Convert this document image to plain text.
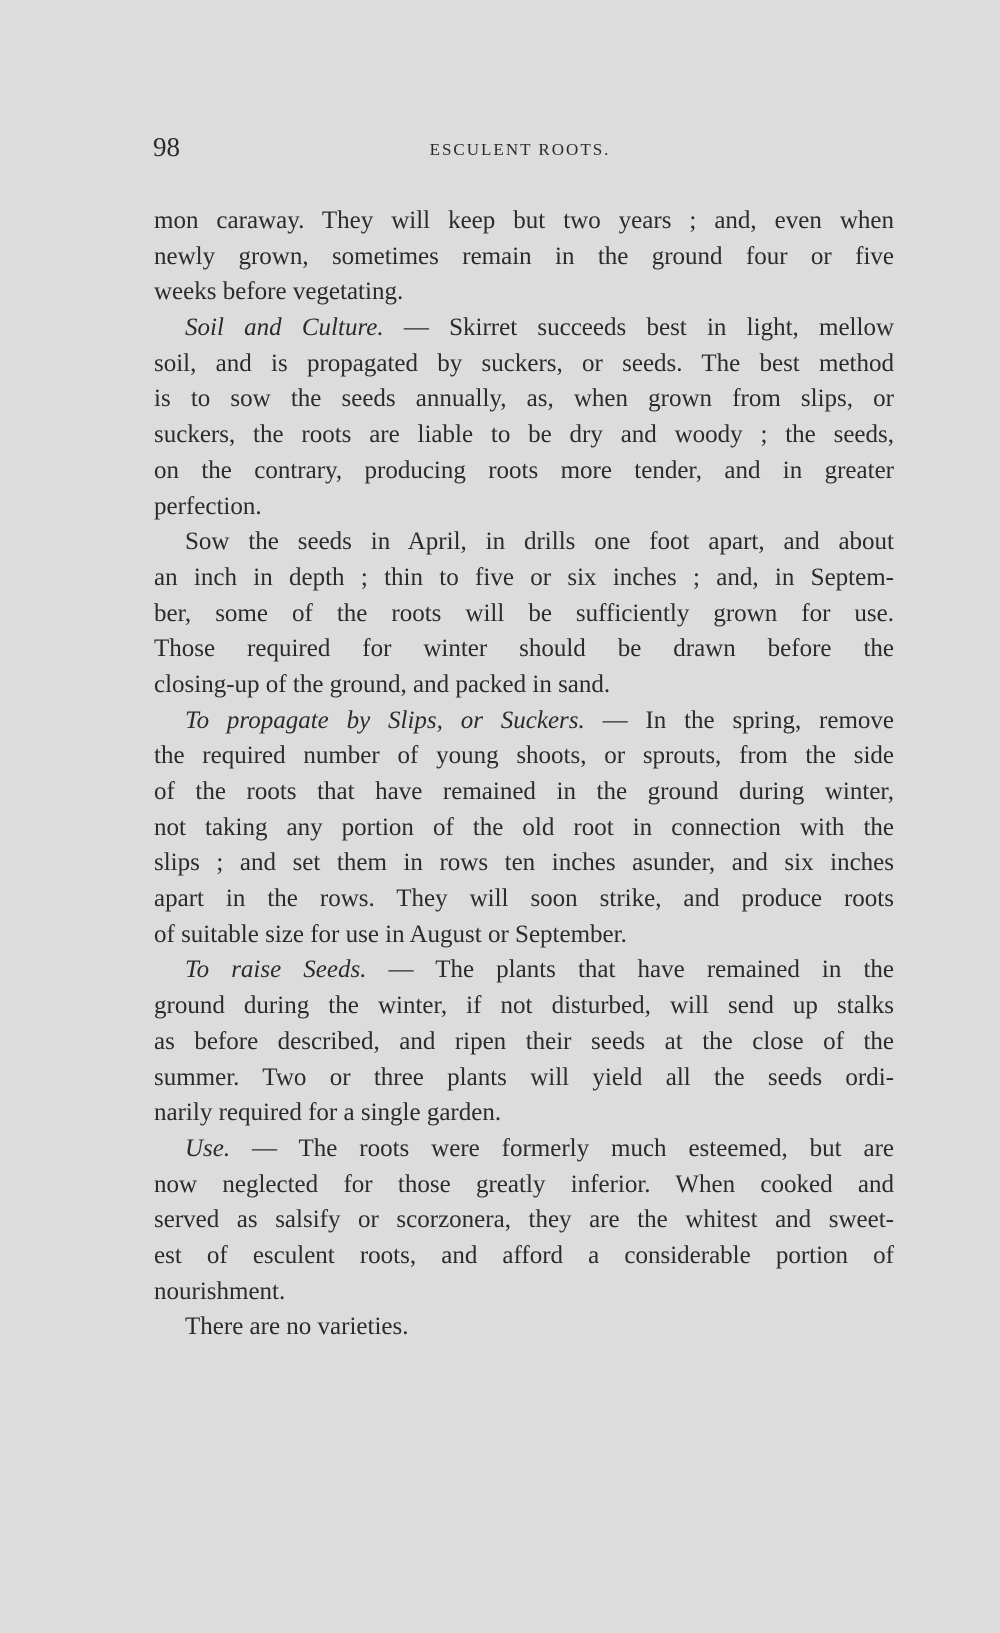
98	ESCULENT ROOTS.
mon caraway. They will keep but two years ; and, even when
newly grown, sometimes remain in the ground four or five
weeks before vegetating.
Soil and Culture. — Skirret succeeds best in light, mellow
soil, and is propagated by suckers, or seeds. The best method
is to sow the seeds annually, as, when grown from slips, or
suckers, the roots are liable to be dry and woody ; the seeds,
on the contrary, producing roots more tender, and in greater
perfection.
Sow the seeds in April, in drills one foot apart, and about
an inch in depth ; thin to five or six inches ; and, in Septem-
ber, some of the roots will be sufficiently grown for use.
Those required for winter should be drawn before the
closing-up of the ground, and packed in sand.
To propagate by Slips, or Suckers. — In the spring, remove
the required number of young shoots, or sprouts, from the side
of the roots that have remained in the ground during winter,
not taking any portion of the old root in connection with the
slips ; and set them in rows ten inches asunder, and six inches
apart in the rows. They will soon strike, and produce roots
of suitable size for use in August or September.
To raise Seeds. — The plants that have remained in the
ground during the winter, if not disturbed, will send up stalks
as before described, and ripen their seeds at the close of the
summer. Two or three plants will yield all the seeds ordi-
narily required for a single garden.
Use. — The roots were formerly much esteemed, but are
now neglected for those greatly inferior. When cooked and
served as salsify or scorzonera, they are the whitest and sweet-
est of esculent roots, and afford a considerable portion of
nourishment.
There are no varieties.
